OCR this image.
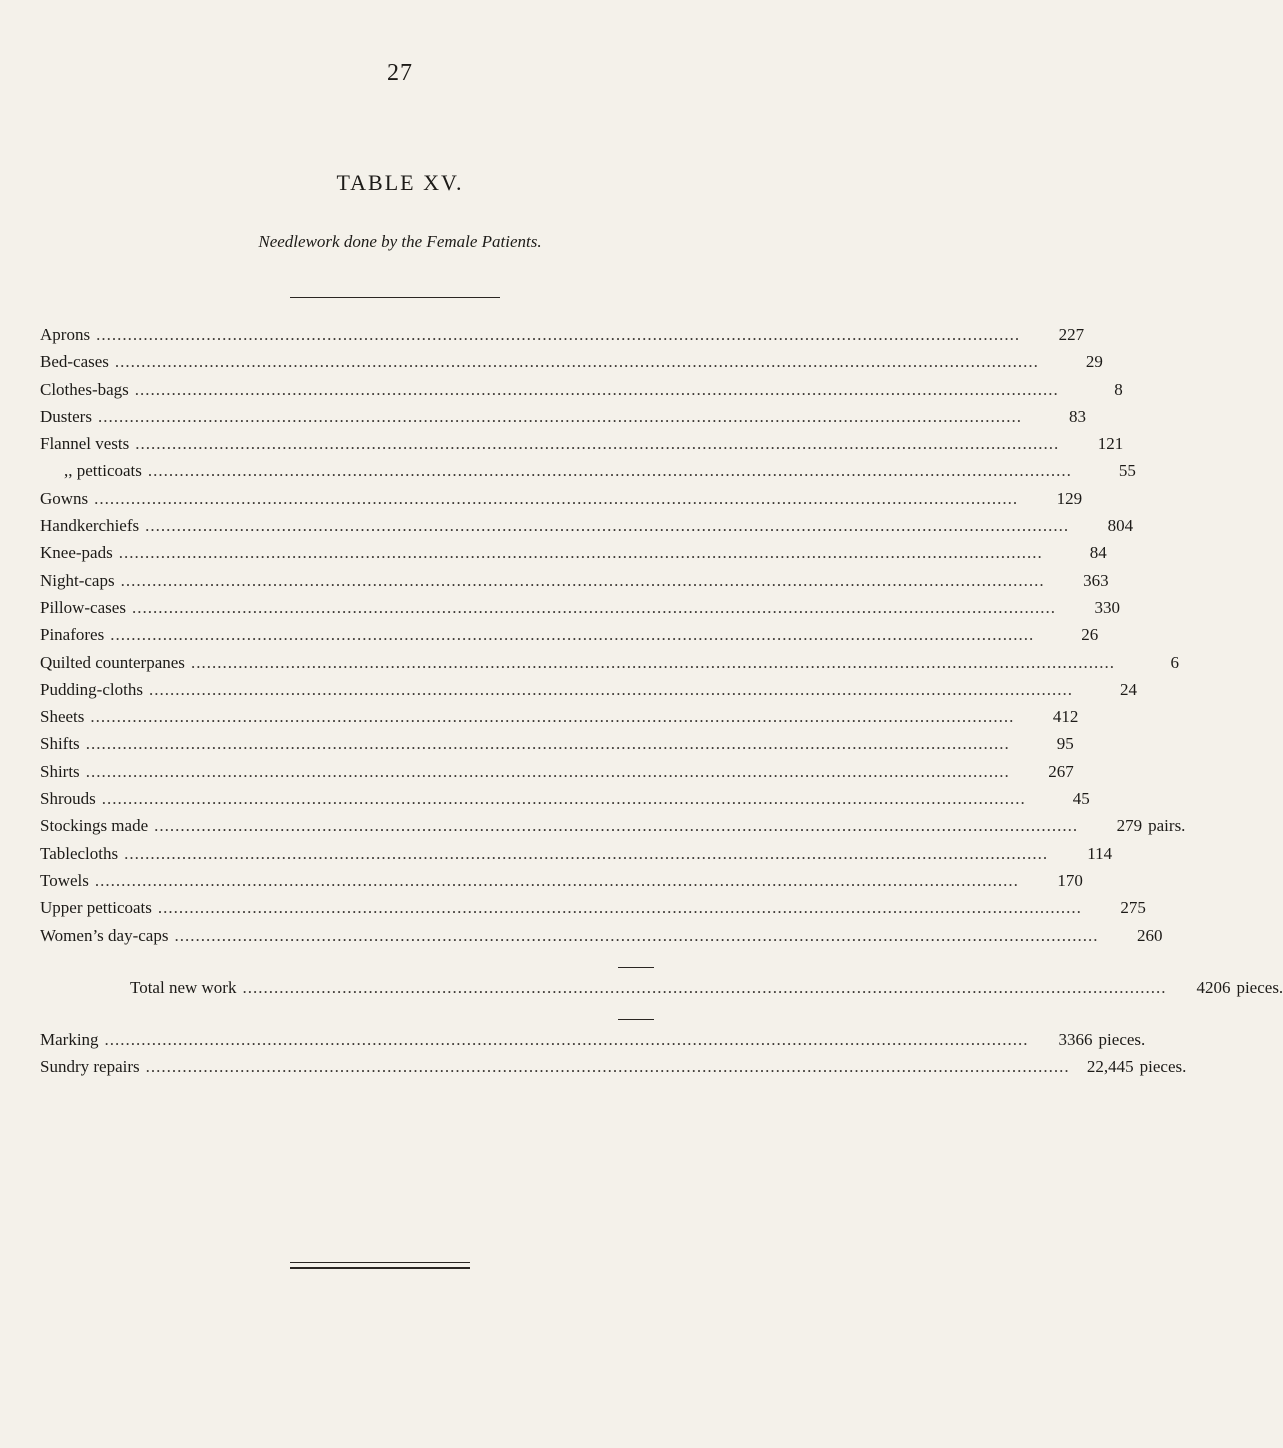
27
TABLE XV.
Needlework done by the Female Patients.
Aprons .....	227
Bed-cases .....	29
Clothes-bags .....	8
Dusters .....	83
Flannel vests .....	121
,, petticoats .....	55
Gowns .....	129
Handkerchiefs .....	804
Knee-pads .....	84
Night-caps .....	363
Pillow-cases .....	330
Pinafores .....	26
Quilted counterpanes .....	6
Pudding-cloths .....	24
Sheets .....	412
Shifts .....	95
Shirts .....	267
Shrouds .....	45
Stockings made .....	279 pairs.
Tablecloths .....	114
Towels .....	170
Upper petticoats .....	275
Women’s day-caps .....	260
Total new work .....	4206 pieces.
Marking .....	3366 pieces.
Sundry repairs .....	22,445 pieces.
